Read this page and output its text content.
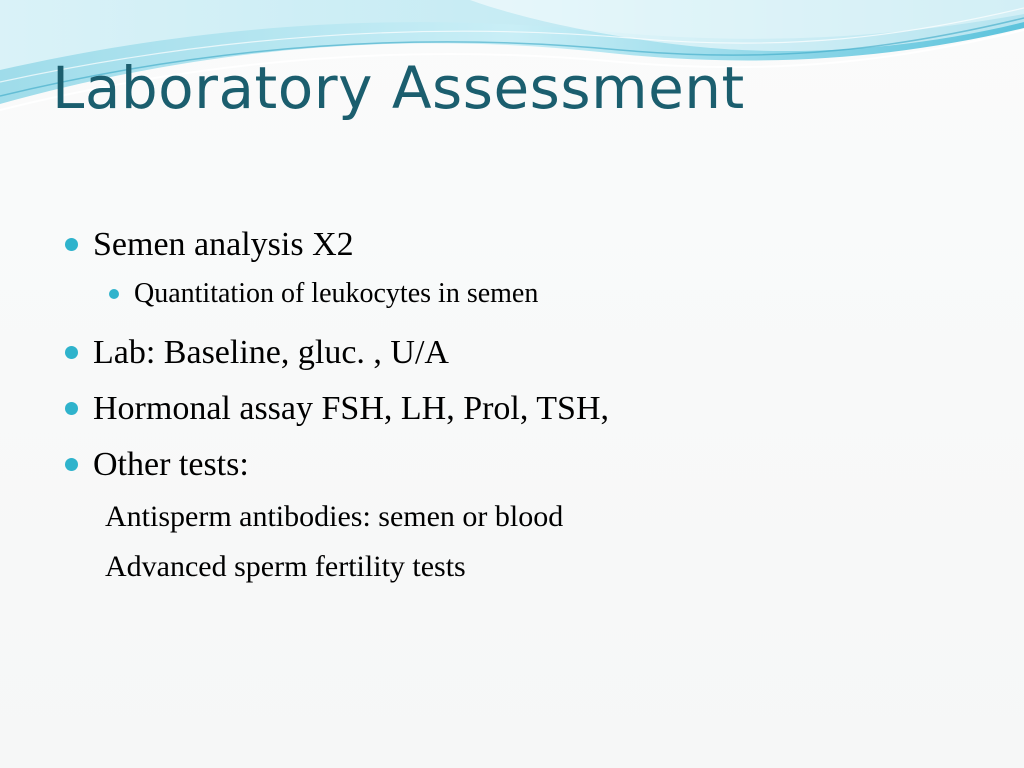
Laboratory Assessment
Semen analysis X2
Quantitation of leukocytes in semen
Lab: Baseline, gluc. , U/A
Hormonal assay FSH, LH, Prol, TSH,
Other tests:
Antisperm antibodies: semen or blood
Advanced sperm fertility tests
